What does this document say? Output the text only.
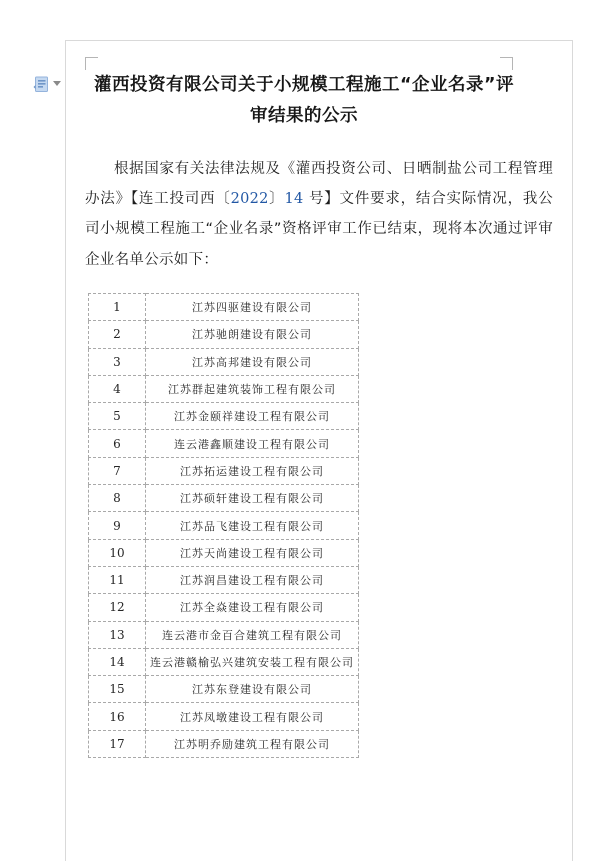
灌西投资有限公司关于小规模工程施工“企业名录”评
审结果的公示

根据国家有关法律法规及《灌西投资公司、日晒制盐公司工程管理办法》【连工投司西〔2022〕14 号】文件要求，结合实际情况，我公司小规模工程施工“企业名录”资格评审工作已结束，现将本次通过评审企业名单公示如下：

1	江苏四驱建设有限公司
2	江苏驰朗建设有限公司
3	江苏高邦建设有限公司
4	江苏群起建筑装饰工程有限公司
5	江苏金颐祥建设工程有限公司
6	连云港鑫顺建设工程有限公司
7	江苏拓运建设工程有限公司
8	江苏硕轩建设工程有限公司
9	江苏品飞建设工程有限公司
10	江苏天尚建设工程有限公司
11	江苏润昌建设工程有限公司
12	江苏全焱建设工程有限公司
13	连云港市金百合建筑工程有限公司
14	连云港赣榆弘兴建筑安装工程有限公司
15	江苏东登建设有限公司
16	江苏凤墩建设工程有限公司
17	江苏明乔励建筑工程有限公司
